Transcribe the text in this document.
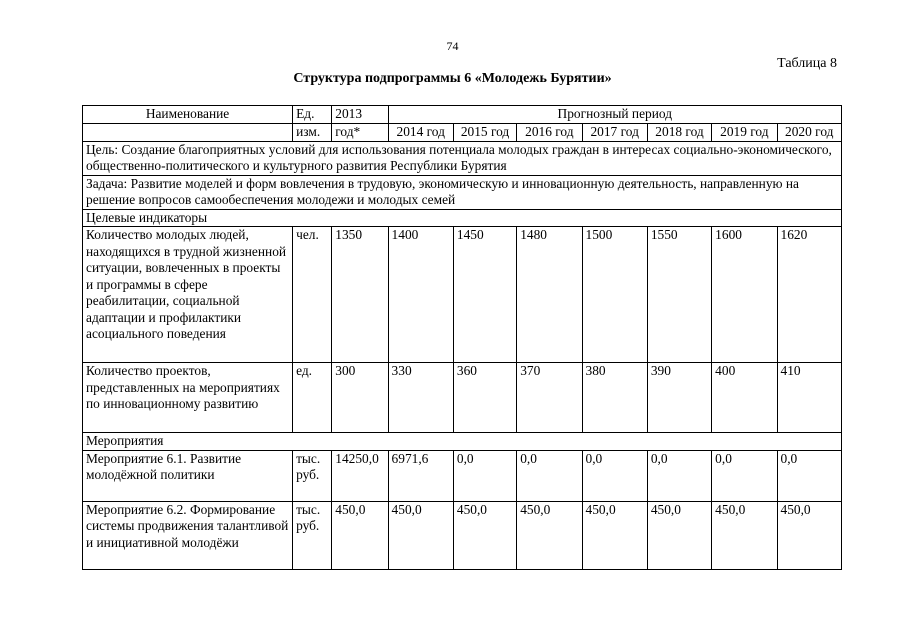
74
Таблица 8
Структура подпрограммы 6 «Молодежь Бурятии»
Наименование	Ед.	2013	Прогнозный период						
	изм.	год*	2014 год	2015 год	2016 год	2017 год	2018 год	2019 год	2020 год
Цель: Создание благоприятных условий для использования потенциала молодых граждан в интересах социально-экономического, общественно-политического и культурного развития Республики Бурятия									
Задача: Развитие моделей и форм вовлечения в трудовую, экономическую и инновационную деятельность, направленную на решение вопросов самообеспечения молодежи и молодых семей									
Целевые индикаторы									
Количество молодых людей, находящихся в трудной жизненной ситуации, вовлеченных в проекты и программы в сфере реабилитации, социальной адаптации и профилактики асоциального поведения	чел.	1350	1400	1450	1480	1500	1550	1600	1620
Количество проектов, представленных на мероприятиях по инновационному развитию	ед.	300	330	360	370	380	390	400	410
Мероприятия									
Мероприятие 6.1. Развитие молодёжной политики	тыс. руб.	14250,0	6971,6	0,0	0,0	0,0	0,0	0,0	0,0
Мероприятие 6.2. Формирование системы продвижения талантливой и инициативной молодёжи	тыс. руб.	450,0	450,0	450,0	450,0	450,0	450,0	450,0	450,0
